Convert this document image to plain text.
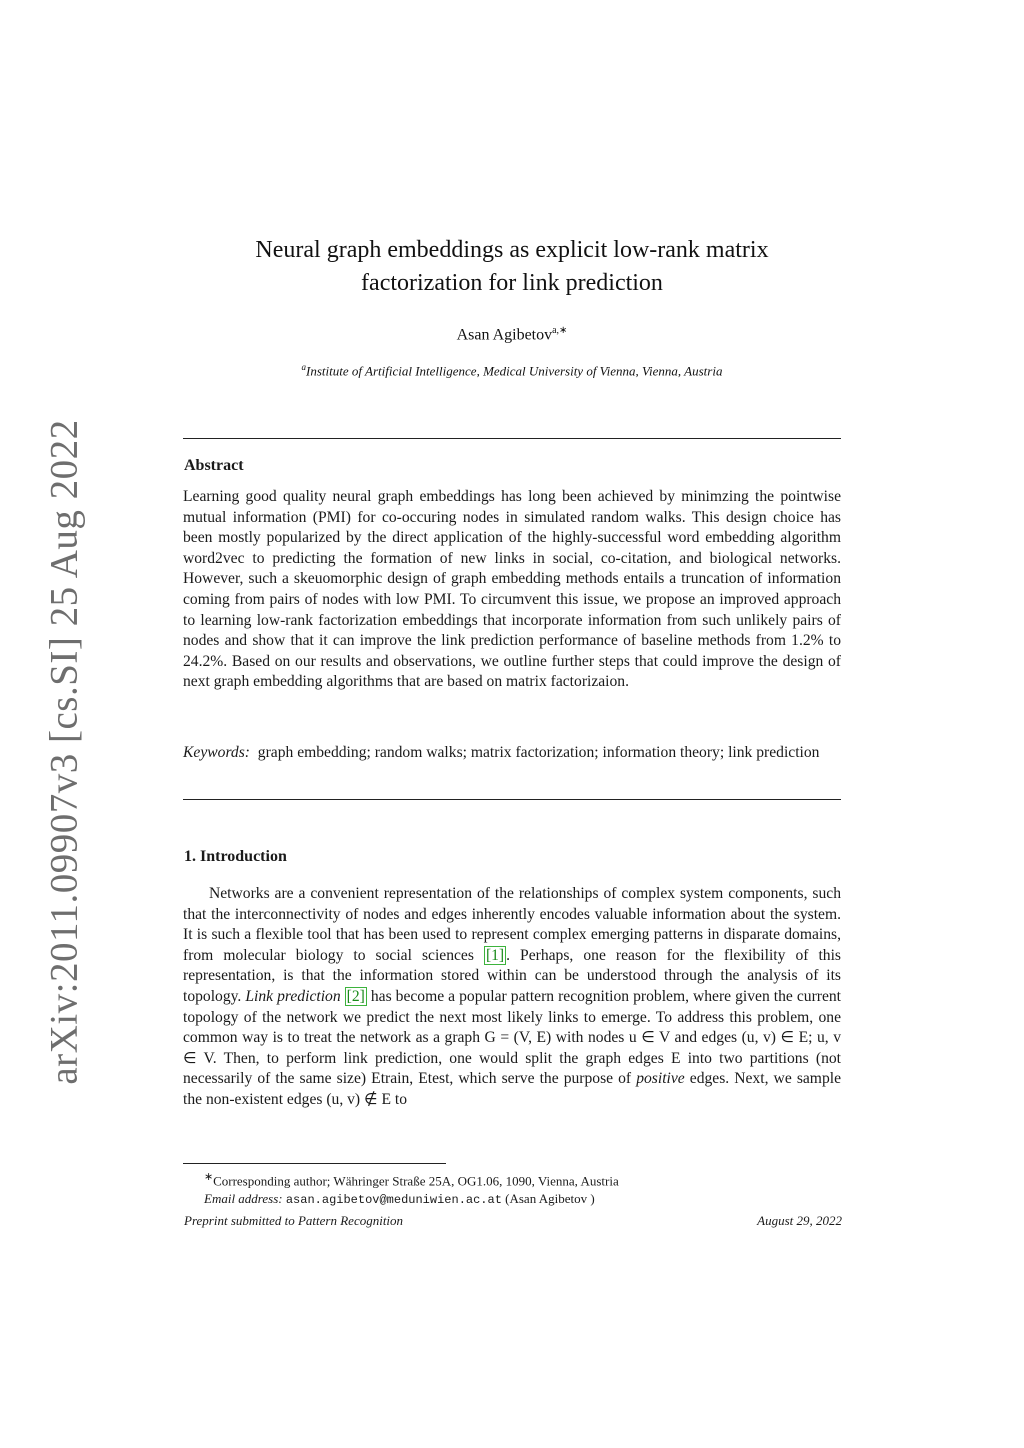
arXiv:2011.09907v3 [cs.SI] 25 Aug 2022
Neural graph embeddings as explicit low-rank matrix
factorization for link prediction
Asan Agibetov$^{a,∗}$
$^a$Institute of Artificial Intelligence, Medical University of Vienna, Vienna, Austria
Abstract
Learning good quality neural graph embeddings has long been achieved by minimzing the pointwise mutual information (PMI) for co-occuring nodes in simulated random walks. This design choice has been mostly popularized by the direct application of the highly-successful word embedding algorithm word2vec to predicting the formation of new links in social, co-citation, and biological networks. However, such a skeuomorphic design of graph embedding methods entails a truncation of information coming from pairs of nodes with low PMI. To circumvent this issue, we propose an improved approach to learning low-rank factorization embeddings that incorporate information from such unlikely pairs of nodes and show that it can improve the link prediction performance of baseline methods from 1.2% to 24.2%. Based on our results and observations, we outline further steps that could improve the design of next graph embedding algorithms that are based on matrix factorizaion.
Keywords: graph embedding; random walks; matrix factorization; information theory; link prediction
1. Introduction
Networks are a convenient representation of the relationships of complex system components, such that the interconnectivity of nodes and edges inherently encodes valuable information about the system. It is such a flexible tool that has been used to represent complex emerging patterns in disparate domains, from molecular biology to social sciences [1] . Perhaps, one reason for the flexibility of this representation, is that the information stored within can be understood through the analysis of its topology. Link prediction [2] has become a popular pattern recognition problem, where given the current topology of the network we predict the next most likely links to emerge. To address this problem, one common way is to treat the network as a graph G = (V, E) with nodes u ∈ V and edges (u, v) ∈ E; u, v ∈ V. Then, to perform link prediction, one would split the graph edges E into two partitions (not necessarily of the same size) Etrain, Etest, which serve the purpose of positive edges. Next, we sample the non-existent edges (u, v) ∉ E to
∗Corresponding author; Währinger Straße 25A, OG1.06, 1090, Vienna, Austria
Email address: asan.agibetov@meduniwien.ac.at (Asan Agibetov )
Preprint submitted to Pattern Recognition	August 29, 2022
